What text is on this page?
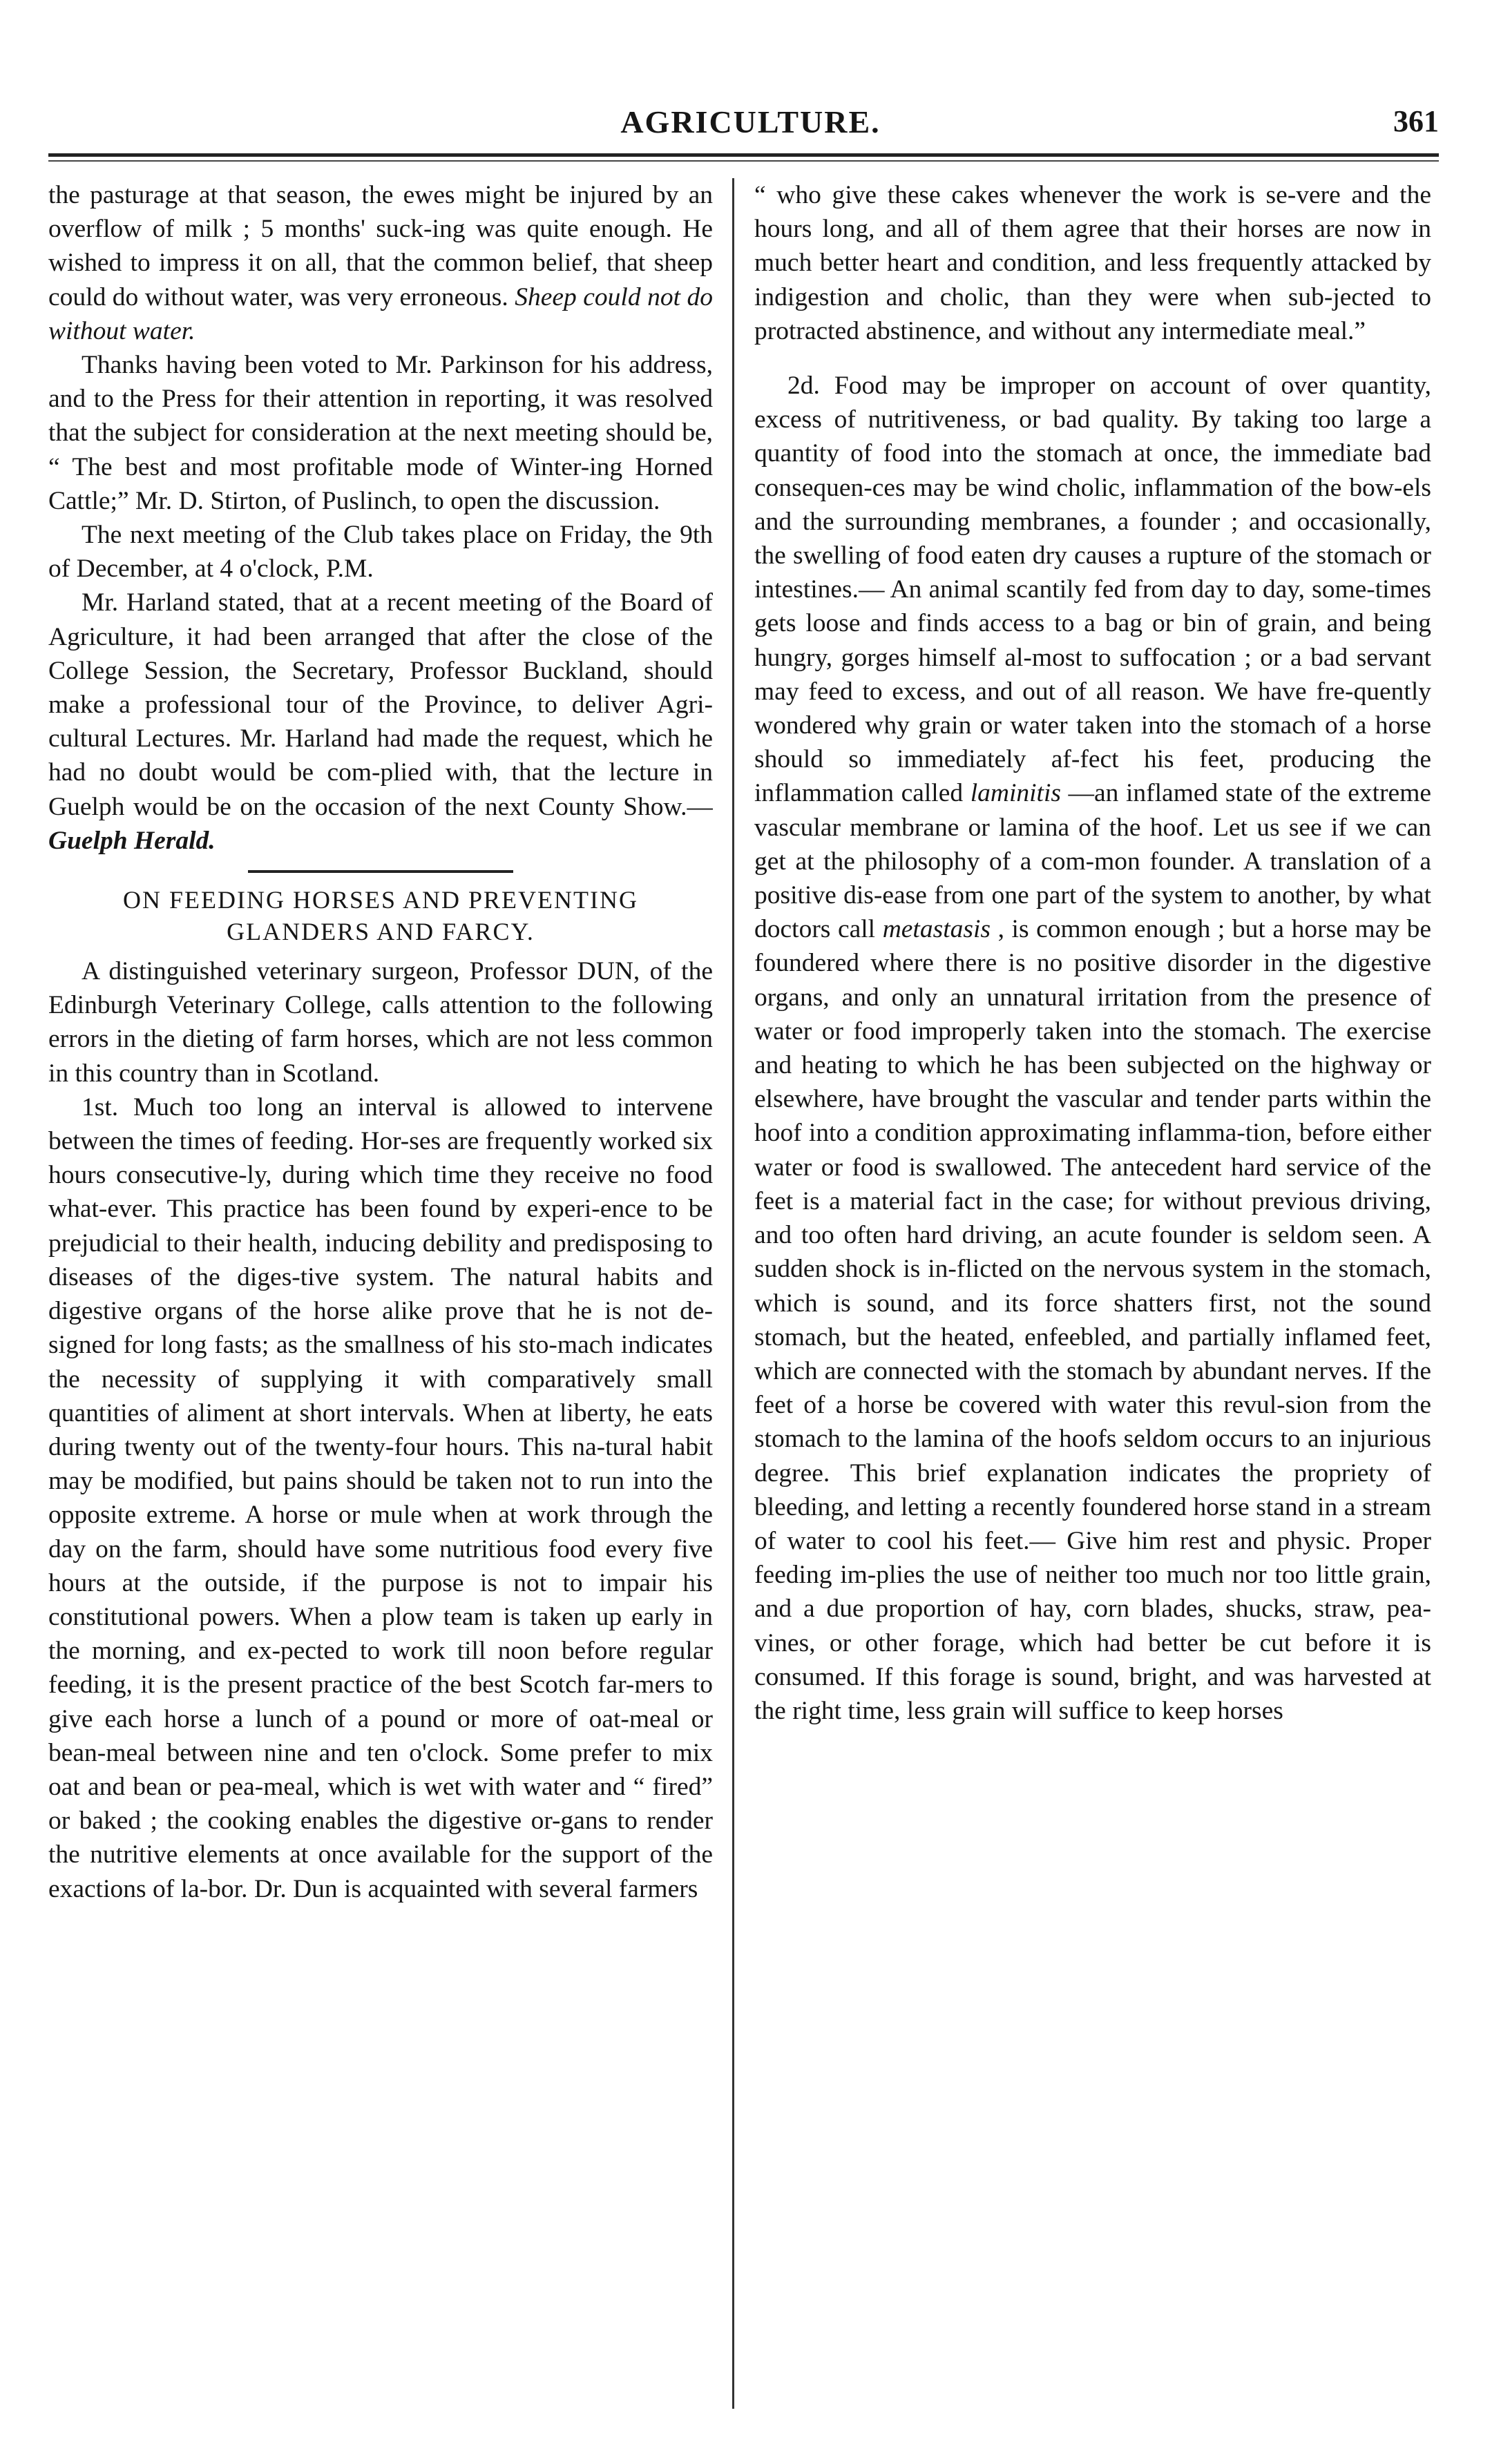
AGRICULTURE.	361

the pasturage at that season, the ewes might be injured by an overflow of milk ; 5 months' suck-ing was quite enough. He wished to impress it on all, that the common belief, that sheep could do without water, was very erroneous. Sheep could not do without water.

Thanks having been voted to Mr. Parkinson for his address, and to the Press for their attention in reporting, it was resolved that the subject for consideration at the next meeting should be, “ The best and most profitable mode of Winter-ing Horned Cattle;” Mr. D. Stirton, of Puslinch, to open the discussion.

The next meeting of the Club takes place on Friday, the 9th of December, at 4 o'clock, P.M.

Mr. Harland stated, that at a recent meeting of the Board of Agriculture, it had been arranged that after the close of the College Session, the Secretary, Professor Buckland, should make a professional tour of the Province, to deliver Agri-cultural Lectures. Mr. Harland had made the request, which he had no doubt would be com-plied with, that the lecture in Guelph would be on the occasion of the next County Show.— Guelph Herald.

ON FEEDING HORSES AND PREVENTING GLANDERS AND FARCY.

A distinguished veterinary surgeon, Professor DUN, of the Edinburgh Veterinary College, calls attention to the following errors in the dieting of farm horses, which are not less common in this country than in Scotland.

1st. Much too long an interval is allowed to intervene between the times of feeding. Hor-ses are frequently worked six hours consecutive-ly, during which time they receive no food what-ever. This practice has been found by experi-ence to be prejudicial to their health, inducing debility and predisposing to diseases of the diges-tive system. The natural habits and digestive organs of the horse alike prove that he is not de-signed for long fasts; as the smallness of his sto-mach indicates the necessity of supplying it with comparatively small quantities of aliment at short intervals. When at liberty, he eats during twenty out of the twenty-four hours. This na-tural habit may be modified, but pains should be taken not to run into the opposite extreme. A horse or mule when at work through the day on the farm, should have some nutritious food every five hours at the outside, if the purpose is not to impair his constitutional powers. When a plow team is taken up early in the morning, and ex-pected to work till noon before regular feeding, it is the present practice of the best Scotch far-mers to give each horse a lunch of a pound or more of oat-meal or bean-meal between nine and ten o'clock. Some prefer to mix oat and bean or pea-meal, which is wet with water and “ fired” or baked ; the cooking enables the digestive or-gans to render the nutritive elements at once available for the support of the exactions of la-bor. Dr. Dun is acquainted with several farmers

“ who give these cakes whenever the work is se-vere and the hours long, and all of them agree that their horses are now in much better heart and condition, and less frequently attacked by indigestion and cholic, than they were when sub-jected to protracted abstinence, and without any intermediate meal.”

2d. Food may be improper on account of over quantity, excess of nutritiveness, or bad quality. By taking too large a quantity of food into the stomach at once, the immediate bad consequen-ces may be wind cholic, inflammation of the bow-els and the surrounding membranes, a founder ; and occasionally, the swelling of food eaten dry causes a rupture of the stomach or intestines.— An animal scantily fed from day to day, some-times gets loose and finds access to a bag or bin of grain, and being hungry, gorges himself al-most to suffocation ; or a bad servant may feed to excess, and out of all reason. We have fre-quently wondered why grain or water taken into the stomach of a horse should so immediately af-fect his feet, producing the inflammation called laminitis —an inflamed state of the extreme vascular membrane or lamina of the hoof. Let us see if we can get at the philosophy of a com-mon founder. A translation of a positive dis-ease from one part of the system to another, by what doctors call metastasis , is common enough ; but a horse may be foundered where there is no positive disorder in the digestive organs, and only an unnatural irritation from the presence of water or food improperly taken into the stomach. The exercise and heating to which he has been subjected on the highway or elsewhere, have brought the vascular and tender parts within the hoof into a condition approximating inflamma-tion, before either water or food is swallowed. The antecedent hard service of the feet is a material fact in the case; for without previous driving, and too often hard driving, an acute founder is seldom seen. A sudden shock is in-flicted on the nervous system in the stomach, which is sound, and its force shatters first, not the sound stomach, but the heated, enfeebled, and partially inflamed feet, which are connected with the stomach by abundant nerves. If the feet of a horse be covered with water this revul-sion from the stomach to the lamina of the hoofs seldom occurs to an injurious degree. This brief explanation indicates the propriety of bleeding, and letting a recently foundered horse stand in a stream of water to cool his feet.— Give him rest and physic. Proper feeding im-plies the use of neither too much nor too little grain, and a due proportion of hay, corn blades, shucks, straw, pea-vines, or other forage, which had better be cut before it is consumed. If this forage is sound, bright, and was harvested at the right time, less grain will suffice to keep horses
